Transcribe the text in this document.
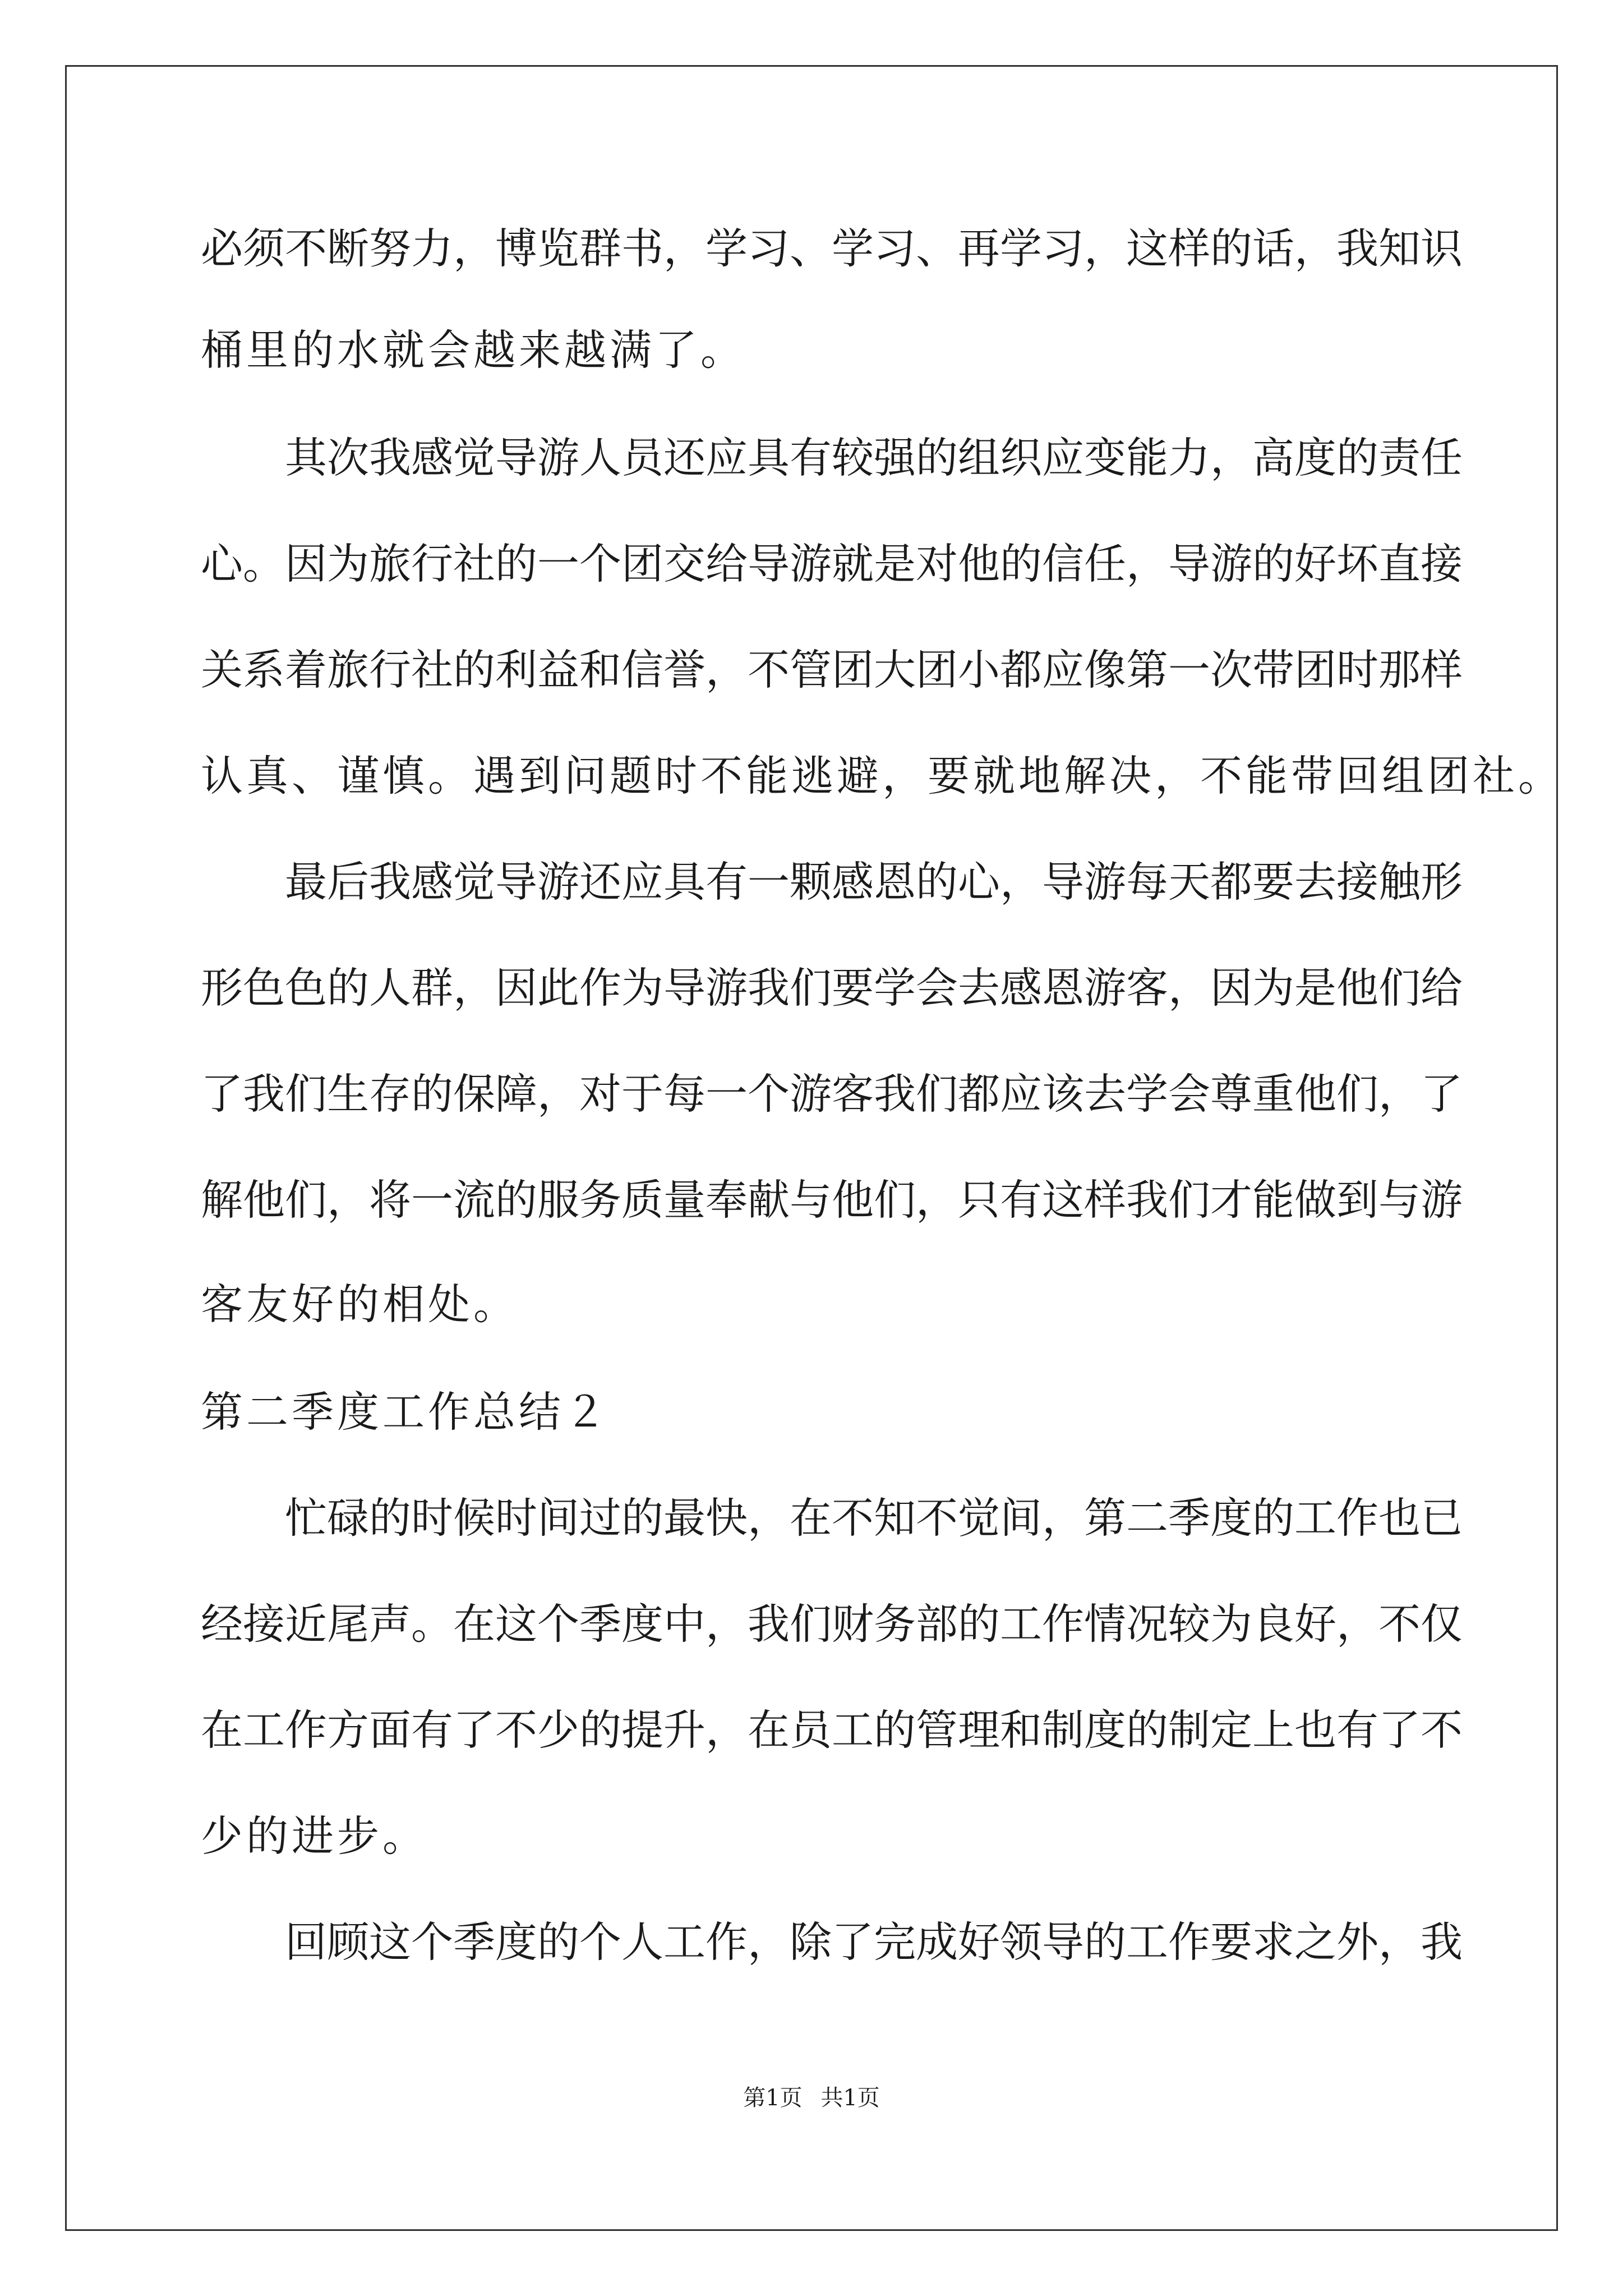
必须不断努力，博览群书，学习、学习、再学习，这样的话，我知识
桶里的水就会越来越满了。
其次我感觉导游人员还应具有较强的组织应变能力，高度的责任
心。因为旅行社的一个团交给导游就是对他的信任，导游的好坏直接
关系着旅行社的利益和信誉，不管团大团小都应像第一次带团时那样
认真、谨慎。遇到问题时不能逃避，要就地解决，不能带回组团社。
最后我感觉导游还应具有一颗感恩的心，导游每天都要去接触形
形色色的人群，因此作为导游我们要学会去感恩游客，因为是他们给
了我们生存的保障，对于每一个游客我们都应该去学会尊重他们，了
解他们，将一流的服务质量奉献与他们，只有这样我们才能做到与游
客友好的相处。
第二季度工作总结２
忙碌的时候时间过的最快，在不知不觉间，第二季度的工作也已
经接近尾声。在这个季度中，我们财务部的工作情况较为良好，不仅
在工作方面有了不少的提升，在员工的管理和制度的制定上也有了不
少的进步。
回顾这个季度的个人工作，除了完成好领导的工作要求之外，我
第1页 共1页
